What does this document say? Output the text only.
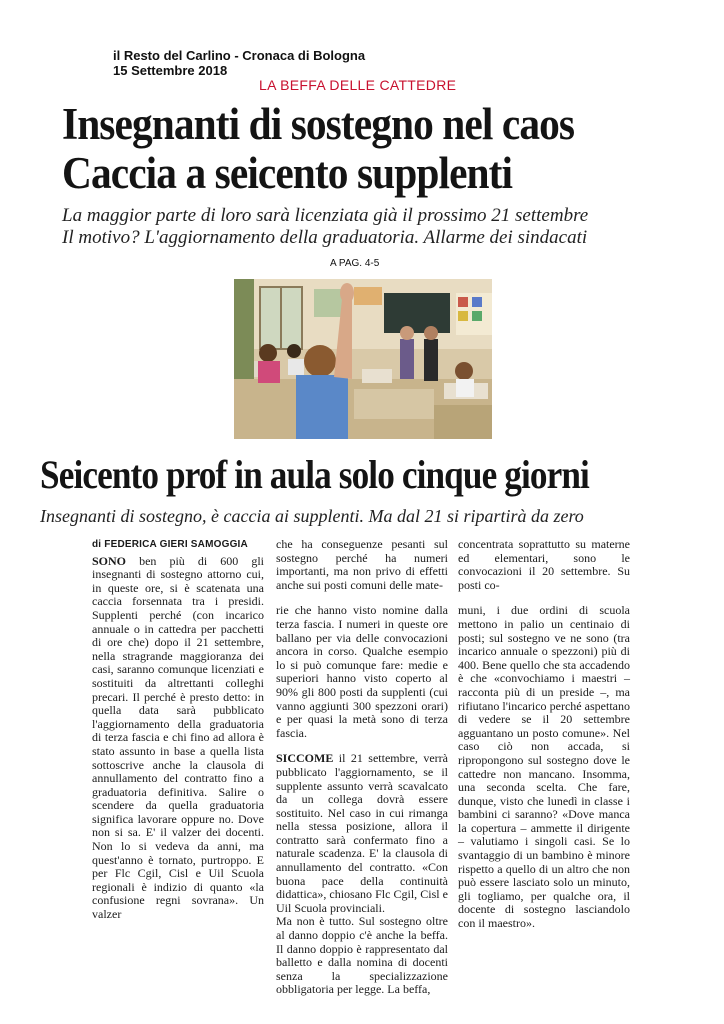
il Resto del Carlino - Cronaca di Bologna
15 Settembre 2018
LA BEFFA DELLE CATTEDRE
Insegnanti di sostegno nel caos
Caccia a seicento supplenti
La maggior parte di loro sarà licenziata già il prossimo 21 settembre
Il motivo? L'aggiornamento della graduatoria. Allarme dei sindacati
A PAG. 4-5
Seicento prof in aula solo cinque giorni
Insegnanti di sostegno, è caccia ai supplenti. Ma dal 21 si ripartirà da zero
di FEDERICA GIERI SAMOGGIA

SONO ben più di 600 gli insegnanti di sostegno attorno cui, in queste ore, si è scatenata una caccia forsennata tra i presidi. Supplenti perché (con incarico annuale o in cattedra per pacchetti di ore che) dopo il 21 settembre, nella stragrande maggioranza dei casi, saranno comunque licenziati e sostituiti da altrettanti colleghi precari. Il perché è presto detto: in quella data sarà pubblicato l'aggiornamento della graduatoria di terza fascia e chi fino ad allora è stato assunto in base a quella lista sottoscrive anche la clausola di annullamento del contratto fino a graduatoria definitiva. Salire o scendere da quella graduatoria significa lavorare oppure no. Dove non si sa. E' il valzer dei docenti. Non lo si vedeva da anni, ma quest'anno è tornato, purtroppo. E per Flc Cgil, Cisl e Uil Scuola regionali è indizio di quanto «la confusione regni sovrana». Un valzer

che ha conseguenze pesanti sul sostegno perché ha numeri importanti, ma non privo di effetti anche sui posti comuni delle mate-

rie che hanno visto nomine dalla terza fascia. I numeri in queste ore ballano per via delle convocazioni ancora in corso. Qualche esempio lo si può comunque fare: medie e superiori hanno visto coperto al 90% gli 800 posti da supplenti (cui vanno aggiunti 300 spezzoni orari) e per quasi la metà sono di terza fascia.

SICCOME il 21 settembre, verrà pubblicato l'aggiornamento, se il supplente assunto verrà scavalcato da un collega dovrà essere sostituito. Nel caso in cui rimanga nella stessa posizione, allora il contratto sarà confermato fino a naturale scadenza. E' la clausola di annullamento del contratto. «Con buona pace della continuità didattica», chiosano Flc Cgil, Cisl e Uil Scuola provinciali.

Ma non è tutto. Sul sostegno oltre al danno doppio c'è anche la beffa. Il danno doppio è rappresentato dal balletto e dalla nomina di docenti senza la specializzazione obbligatoria per legge. La beffa,

concentrata soprattutto su materne ed elementari, sono le convocazioni il 20 settembre. Su posti co-

muni, i due ordini di scuola mettono in palio un centinaio di posti; sul sostegno ve ne sono (tra incarico annuale o spezzoni) più di 400. Bene quello che sta accadendo è che «convochiamo i maestri – racconta più di un preside –, ma rifiutano l'incarico perché aspettano di vedere se il 20 settembre agguantano un posto comune». Nel caso ciò non accada, si ripropongono sul sostegno dove le cattedre non mancano. Insomma, una seconda scelta. Che fare, dunque, visto che lunedì in classe i bambini ci saranno? «Dove manca la copertura – ammette il dirigente – valutiamo i singoli casi. Se lo svantaggio di un bambino è minore rispetto a quello di un altro che non può essere lasciato solo un minuto, gli togliamo, per qualche ora, il docente di sostegno lasciandolo con il maestro».
